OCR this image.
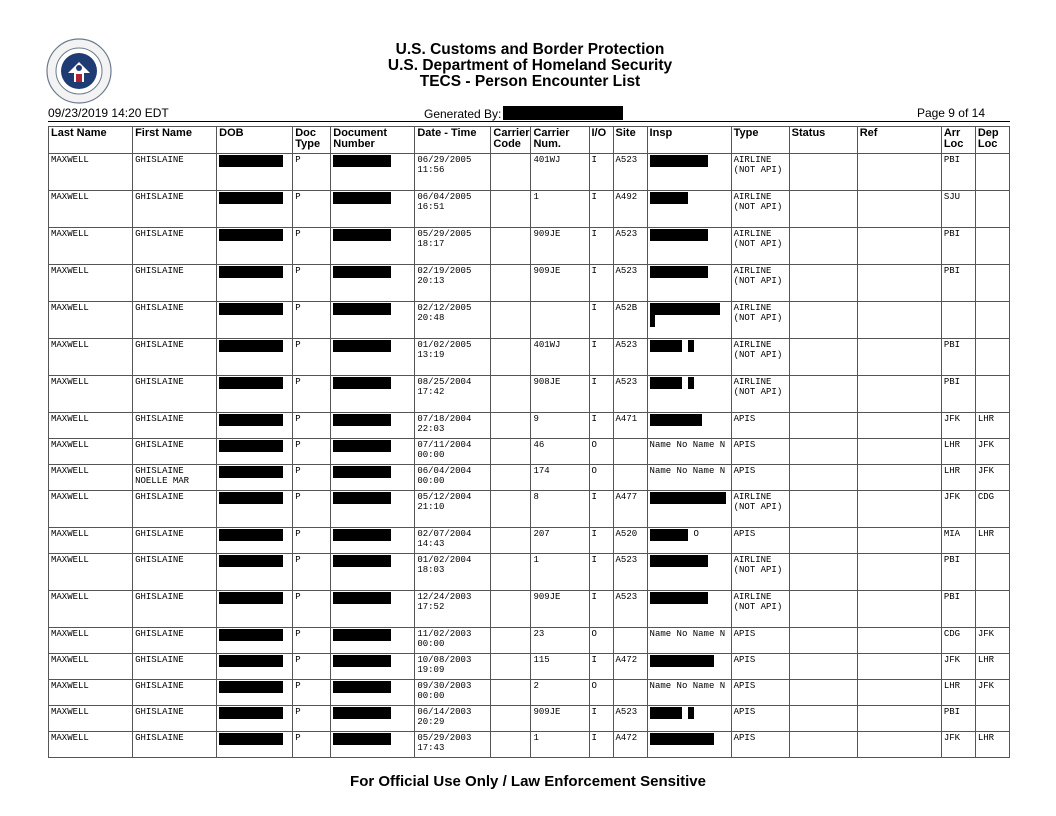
U.S. Customs and Border Protection
U.S. Department of Homeland Security
TECS - Person Encounter List
09/23/2019 14:20 EDT	Generated By:	Page 9 of 14
Last Name	First Name	DOB	Doc Type	Document Number	Date - Time	Carrier Code	Carrier Num.	I/O	Site	Insp	Type	Status	Ref	Arr Loc	Dep Loc
MAXWELL	GHISLAINE		P		06/29/2005 11:56		401WJ	I	A523		AIRLINE (NOT API)			PBI	
MAXWELL	GHISLAINE		P		06/04/2005 16:51		1	I	A492		AIRLINE (NOT API)			SJU	
MAXWELL	GHISLAINE		P		05/29/2005 18:17		909JE	I	A523		AIRLINE (NOT API)			PBI	
MAXWELL	GHISLAINE		P		02/19/2005 20:13		909JE	I	A523		AIRLINE (NOT API)			PBI	
MAXWELL	GHISLAINE		P		02/12/2005 20:48			I	A52B		AIRLINE (NOT API)				
MAXWELL	GHISLAINE		P		01/02/2005 13:19		401WJ	I	A523		AIRLINE (NOT API)			PBI	
MAXWELL	GHISLAINE		P		08/25/2004 17:42		908JE	I	A523		AIRLINE (NOT API)			PBI	
MAXWELL	GHISLAINE		P		07/18/2004 22:03		9	I	A471		APIS			JFK	LHR
MAXWELL	GHISLAINE		P		07/11/2004 00:00		46	O		Name No Name N	APIS			LHR	JFK
MAXWELL	GHISLAINE NOELLE MAR		P		06/04/2004 00:00		174	O		Name No Name N	APIS			LHR	JFK
MAXWELL	GHISLAINE		P		05/12/2004 21:10		8	I	A477		AIRLINE (NOT API)			JFK	CDG
MAXWELL	GHISLAINE		P		02/07/2004 14:43		207	I	A520	O	APIS			MIA	LHR
MAXWELL	GHISLAINE		P		01/02/2004 18:03		1	I	A523		AIRLINE (NOT API)			PBI	
MAXWELL	GHISLAINE		P		12/24/2003 17:52		909JE	I	A523		AIRLINE (NOT API)			PBI	
MAXWELL	GHISLAINE		P		11/02/2003 00:00		23	O		Name No Name N	APIS			CDG	JFK
MAXWELL	GHISLAINE		P		10/08/2003 19:09		115	I	A472		APIS			JFK	LHR
MAXWELL	GHISLAINE		P		09/30/2003 00:00		2	O		Name No Name N	APIS			LHR	JFK
MAXWELL	GHISLAINE		P		06/14/2003 20:29		909JE	I	A523		APIS			PBI	
MAXWELL	GHISLAINE		P		05/29/2003 17:43		1	I	A472		APIS			JFK	LHR
For Official Use Only / Law Enforcement Sensitive
